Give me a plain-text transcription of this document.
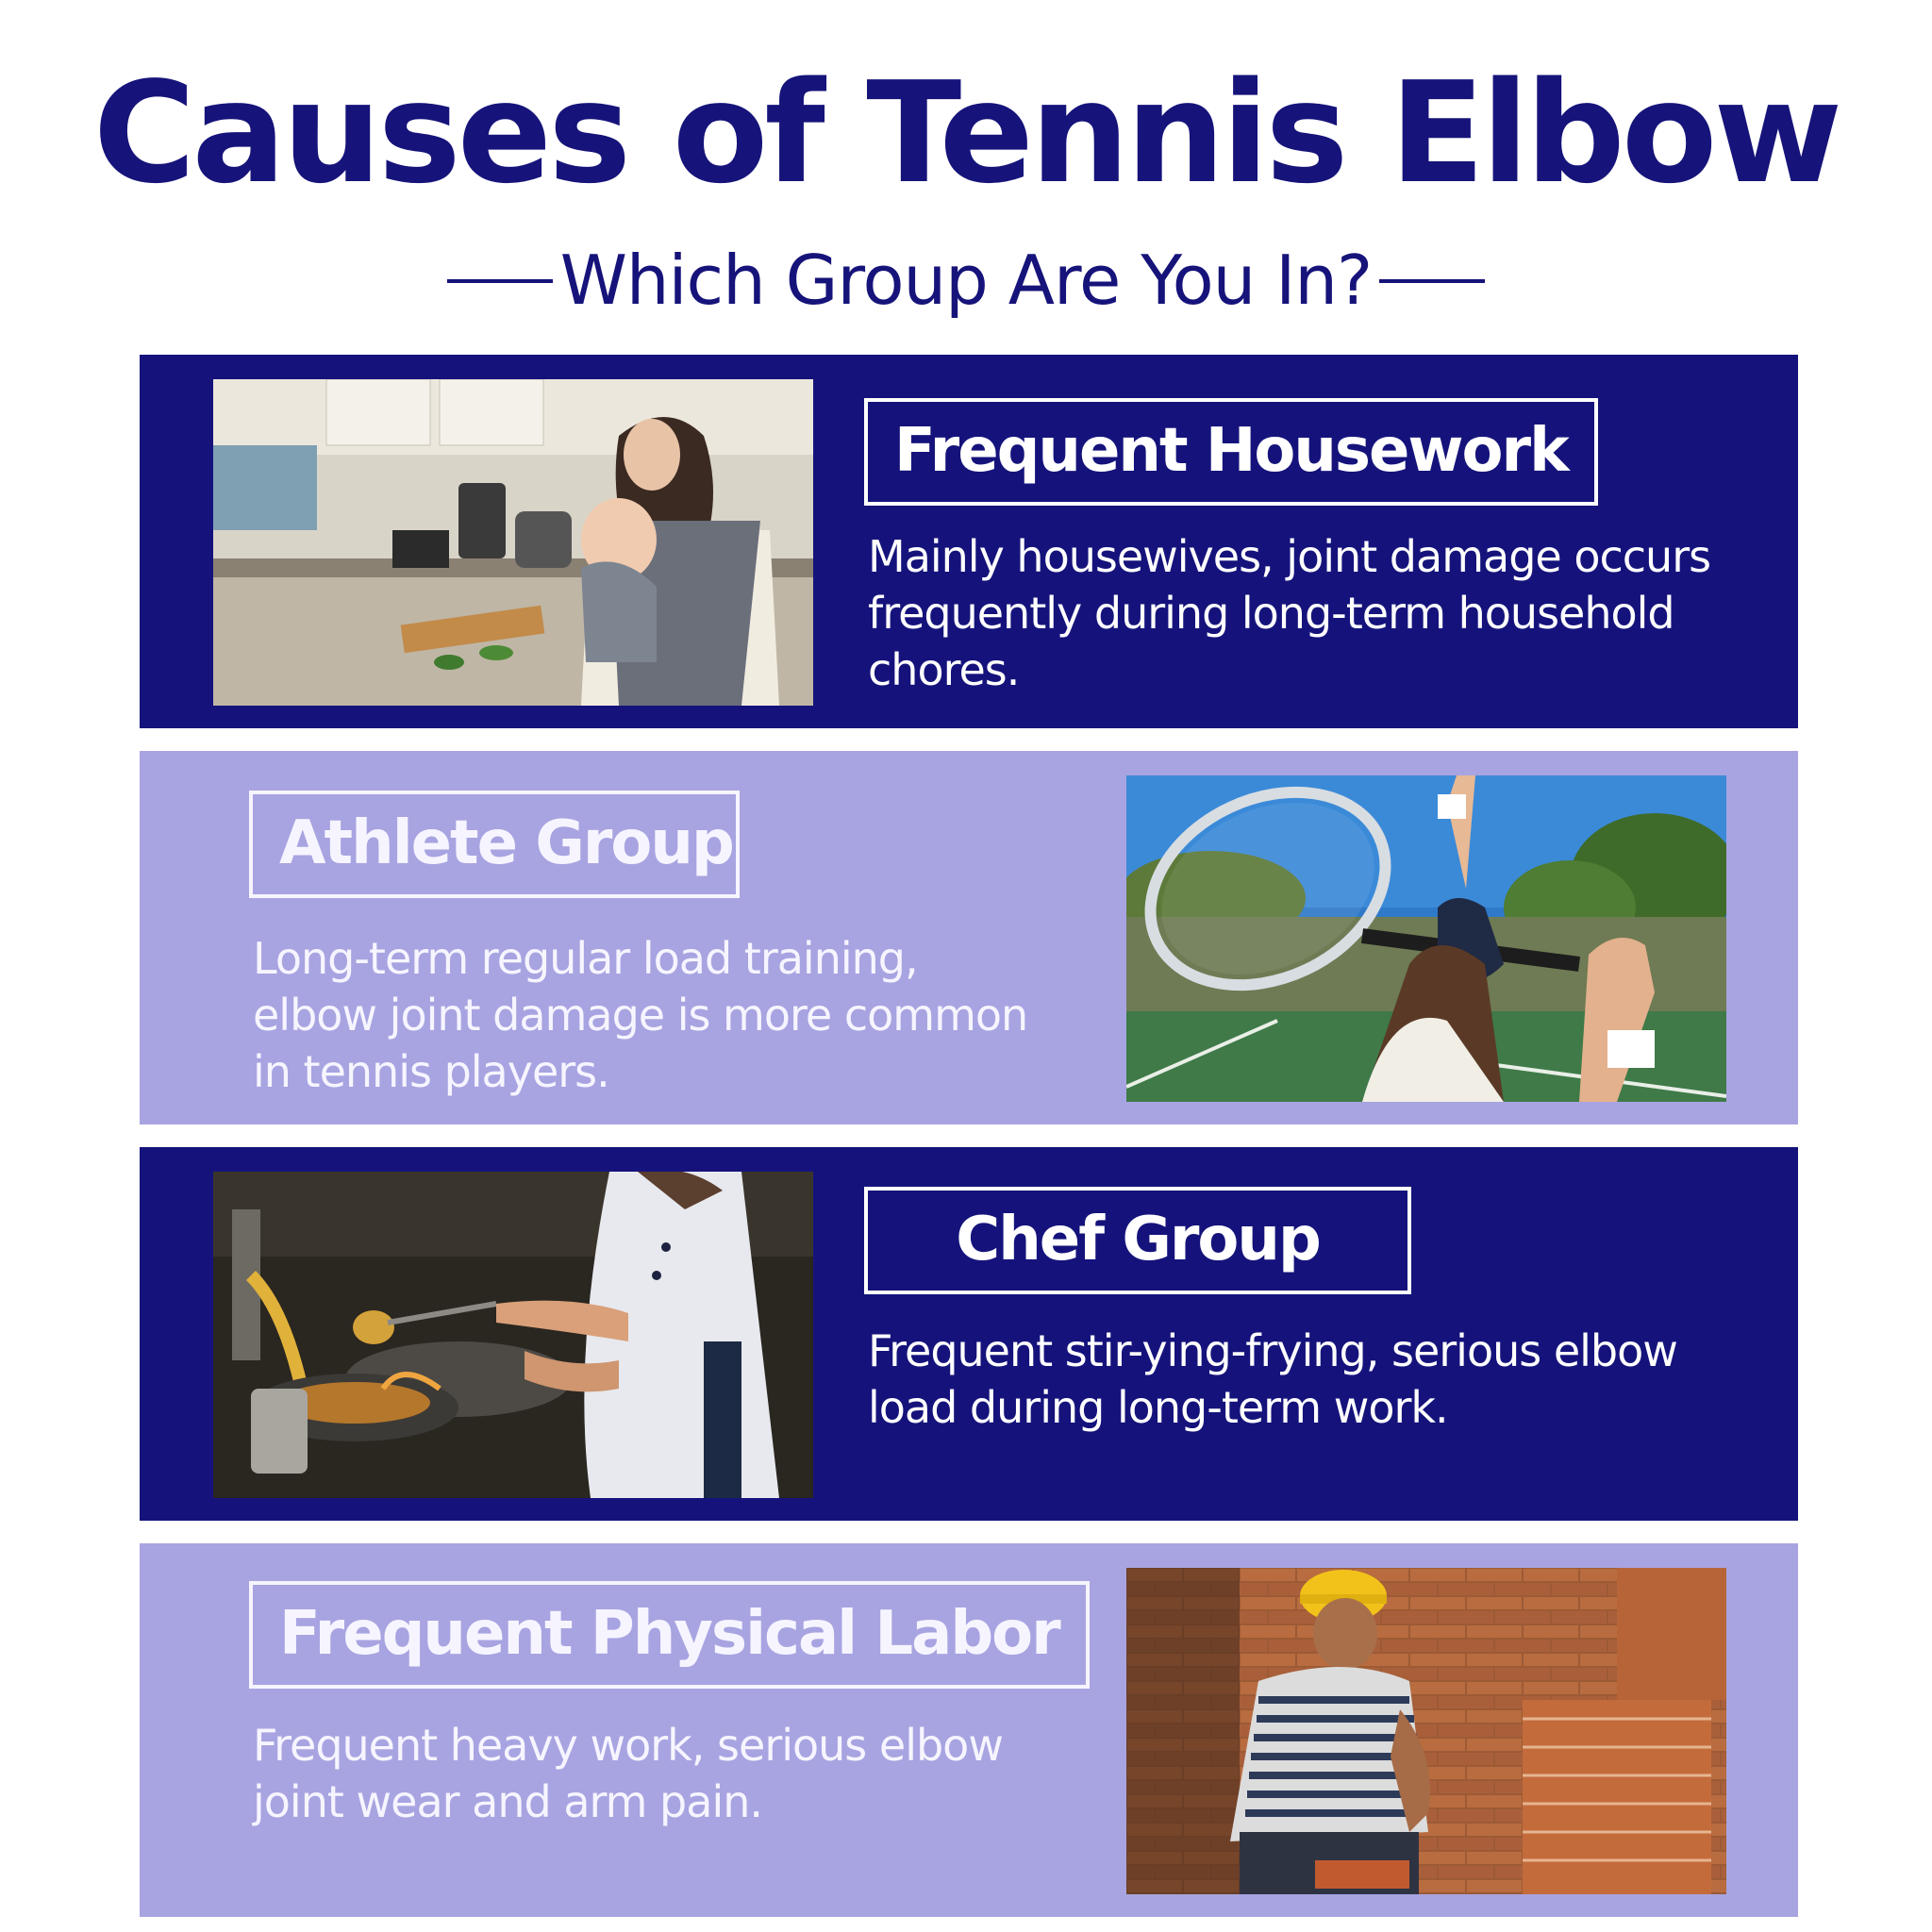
Causes of Tennis Elbow
Which Group Are You In?
Frequent Housework
Mainly housewives, joint damage occurs
frequently during long-term household
chores.
Athlete Group
Long-term regular load training,
elbow joint damage is more common
in tennis players.
Chef Group
Frequent stir-ying-frying, serious elbow
load during long-term work.
Frequent Physical Labor
Frequent heavy work, serious elbow
joint wear and arm pain.
